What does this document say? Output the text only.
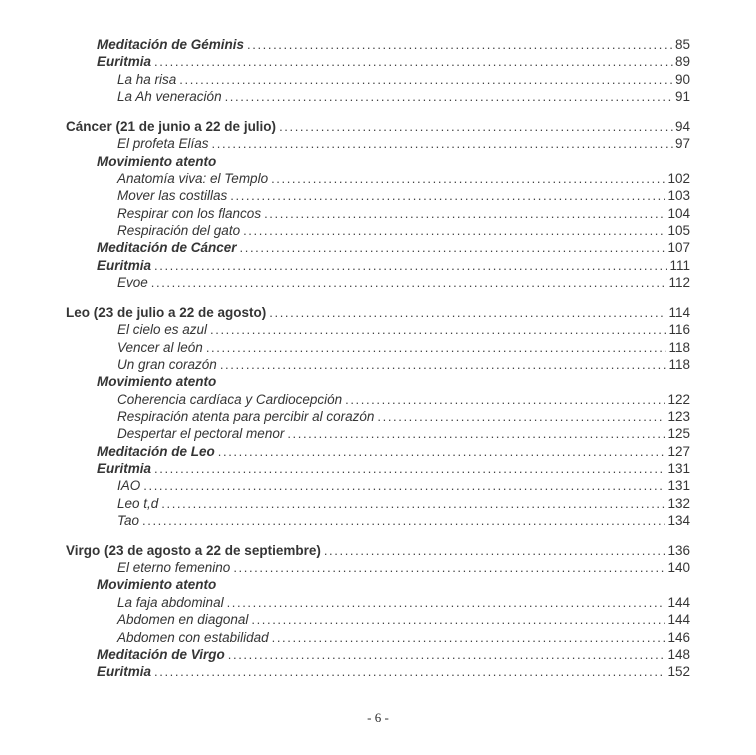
Meditación de Géminis .....	85
Euritmia .....	89
La ha risa .....	90
La Ah veneración .....	91
Cáncer (21 de junio a 22 de julio) .....	94
El profeta Elías .....	97
Movimiento atento
Anatomía viva: el Templo .....	102
Mover las costillas .....	103
Respirar con los flancos .....	104
Respiración del gato .....	105
Meditación de Cáncer .....	107
Euritmia .....	111
Evoe .....	112
Leo (23 de julio a 22 de agosto) .....	114
El cielo es azul .....	116
Vencer al león .....	118
Un gran corazón .....	118
Movimiento atento
Coherencia cardíaca y Cardiocepción .....	122
Respiración atenta para percibir al corazón .....	123
Despertar el pectoral menor .....	125
Meditación de Leo .....	127
Euritmia .....	131
IAO .....	131
Leo t,d .....	132
Tao .....	134
Virgo (23 de agosto a 22 de septiembre) .....	136
El eterno femenino .....	140
Movimiento atento
La faja abdominal .....	144
Abdomen en diagonal .....	144
Abdomen con estabilidad .....	146
Meditación de Virgo .....	148
Euritmia .....	152
- 6 -
